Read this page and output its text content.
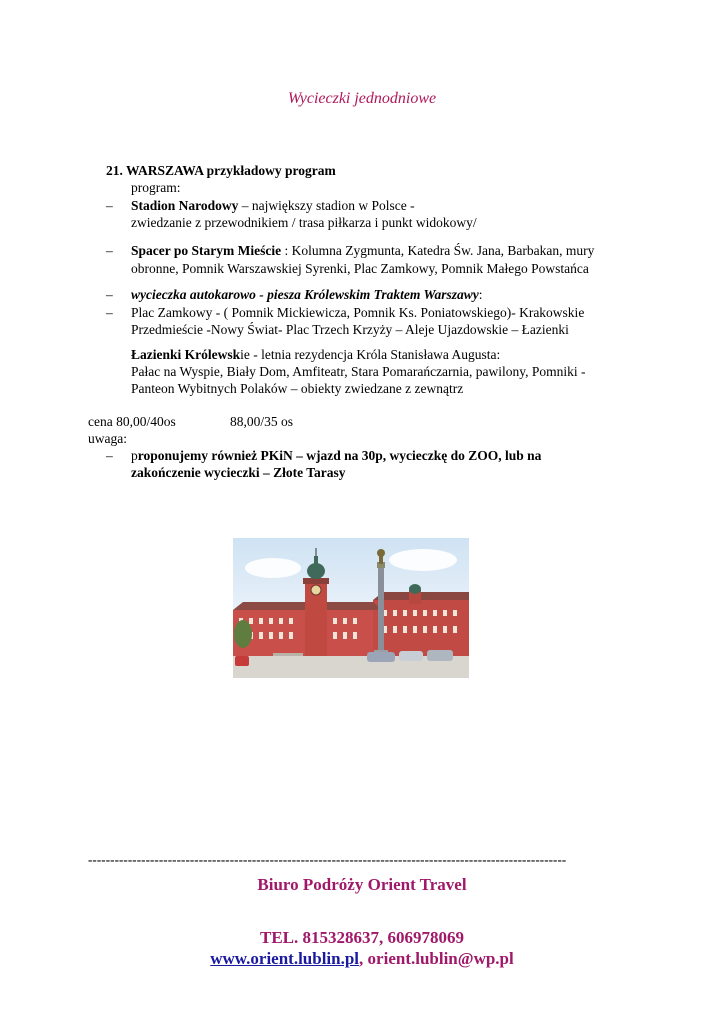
Wycieczki jednodniowe
21. WARSZAWA przykładowy program
program:
– Stadion Narodowy – największy stadion w Polsce -
zwiedzanie z przewodnikiem / trasa piłkarza i punkt widokowy/
– Spacer po Starym Mieście : Kolumna Zygmunta, Katedra Św. Jana, Barbakan, mury
obronne, Pomnik Warszawskiej Syrenki, Plac Zamkowy, Pomnik Małego Powstańca
– wycieczka autokarowo - piesza Królewskim Traktem Warszawy:
– Plac Zamkowy - ( Pomnik Mickiewicza, Pomnik Ks. Poniatowskiego)- Krakowskie
Przedmieście -Nowy Świat- Plac Trzech Krzyży – Aleje Ujazdowskie – Łazienki
Łazienki Królewskie - letnia rezydencja Króla Stanisława Augusta:
Pałac na Wyspie, Biały Dom, Amfiteatr, Stara Pomarańczarnia, pawilony, Pomniki -
Panteon Wybitnych Polaków – obiekty zwiedzane z zewnątrz
cena 80,00/40os	88,00/35 os
uwaga:
– proponujemy również PKiN – wjazd na 30p, wycieczkę do ZOO, lub na
zakończenie wycieczki – Złote Tarasy
------------------------------------------------------------------------------------------------------------
Biuro Podróży Orient Travel
TEL. 815328637, 606978069
www.orient.lublin.pl, orient.lublin@wp.pl
